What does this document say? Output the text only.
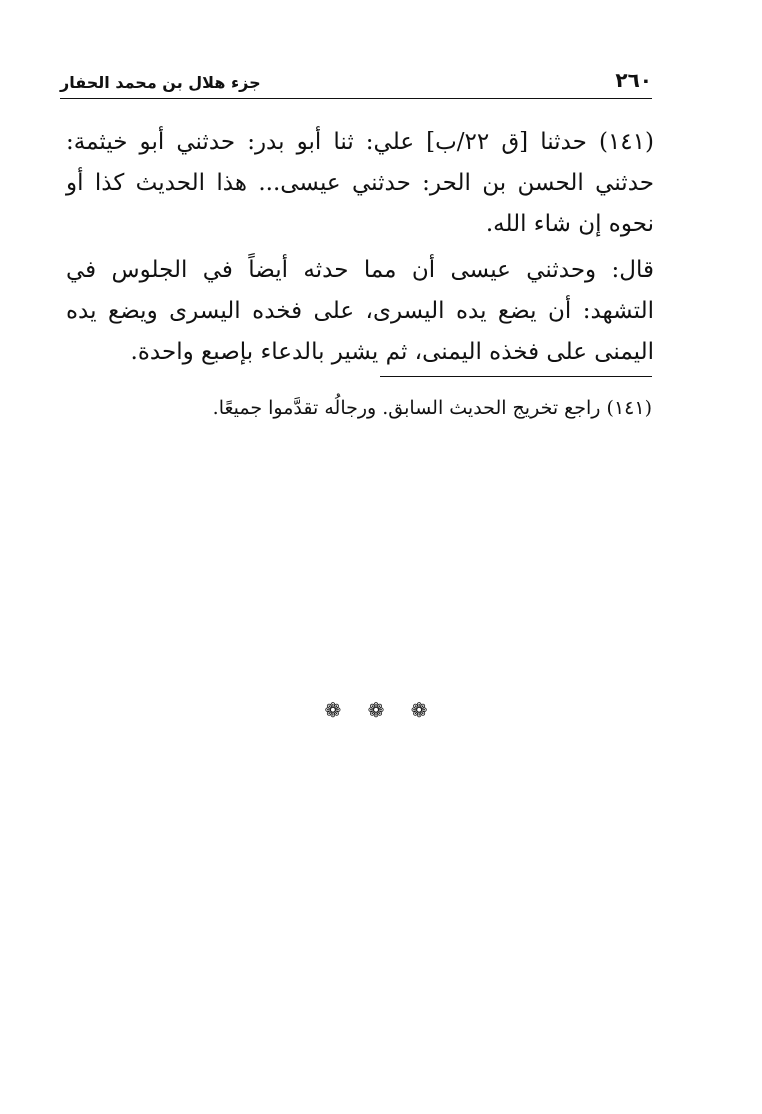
جزء هلال بن محمد الحفار	٢٦٠

(١٤١) حدثنا [ق ٢٢/ب] علي: ثنا أبو بدر: حدثني أبو خيثمة: حدثني الحسن بن الحر: حدثني عيسى... هذا الحديث كذا أو نحوه إن شاء الله.

قال: وحدثني عيسى أن مما حدثه أيضاً في الجلوس في التشهد: أن يضع يده اليسرى، على فخده اليسرى ويضع يده اليمنى على فخذه اليمنى، ثم يشير بالدعاء بإصبع واحدة.

(١٤١) راجع تخريج الحديث السابق. ورجالُه تقدَّموا جميعًا.
❁ ❁ ❁
